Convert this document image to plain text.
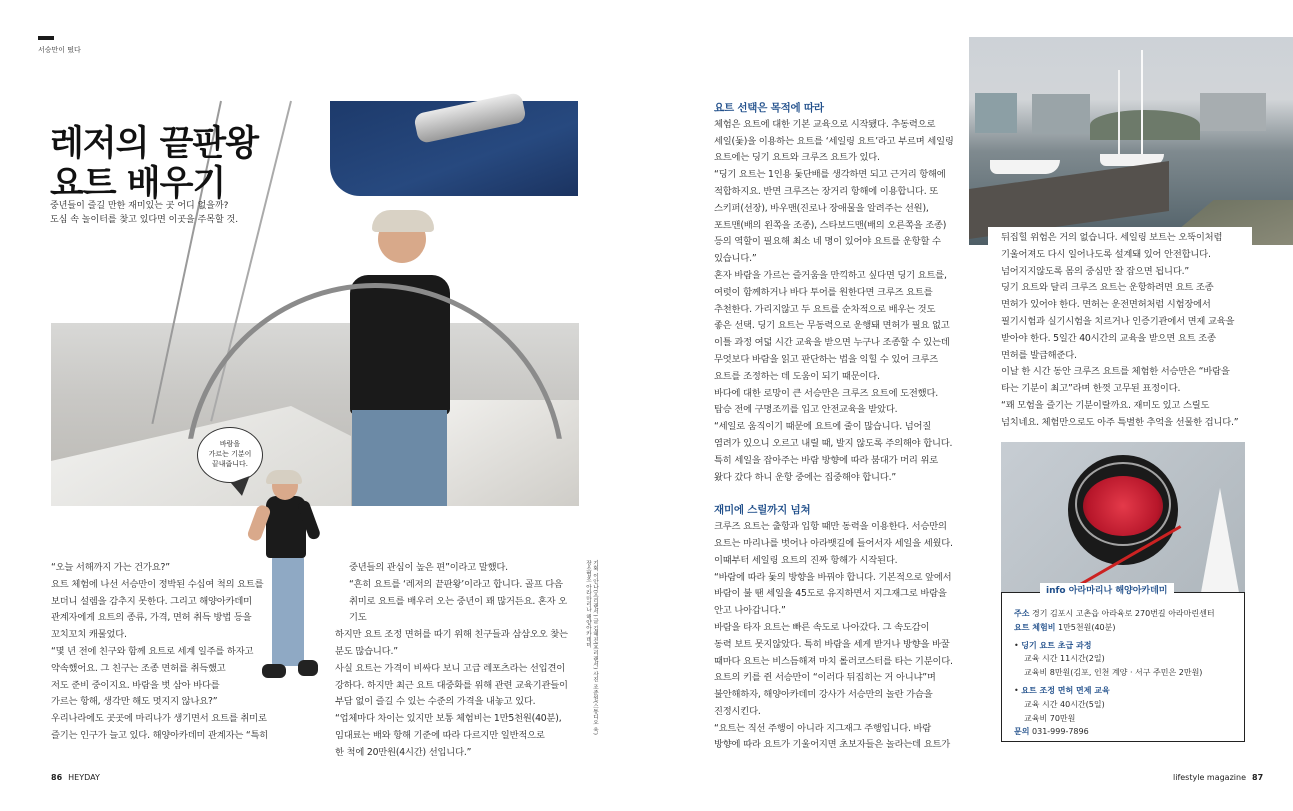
서승만이 떴다
레저의 끝판왕
요트 배우기
중년들이 즐길 만한 재미있는 곳 어디 없을까?
도심 속 놀이터를 찾고 있다면 이곳을 주목할 것.
바람을
가르는 기분이
끝내줍니다.
“오늘 서해까지 가는 건가요?”
요트 체험에 나선 서승만이 정박된 수십여 척의 요트를
보더니 설렘을 감추지 못한다. 그리고 해양아카데미
관계자에게 요트의 종류, 가격, 면허 취득 방법 등을
꼬치꼬치 캐물었다.
“몇 년 전에 친구와 함께 요트로 세계 일주를 하자고
약속했어요. 그 친구는 조종 면허를 취득했고
저도 준비 중이지요. 바람을 벗 삼아 바다를
가르는 항해, 생각만 해도 멋지지 않나요?”
우리나라에도 곳곳에 마리나가 생기면서 요트를 취미로
즐기는 인구가 늘고 있다. 해양아카데미 관계자는 “특히
중년들의 관심이 높은 편”이라고 말했다.
“흔히 요트를 ‘레저의 끝판왕’이라고 합니다. 골프 다음
취미로 요트를 배우러 오는 중년이 꽤 많거든요. 혼자 오기도
하지만 요트 조정 면허를 따기 위해 친구들과 삼삼오오 찾는
분도 많습니다.”
사실 요트는 가격이 비싸다 보니 고급 레포츠라는 선입견이
강하다. 하지만 최근 요트 대중화를 위해 관련 교육기관들이
부담 없이 즐길 수 있는 수준의 가격을 내놓고 있다.
“업체마다 차이는 있지만 보통 체험비는 1만5천원(40분),
임대료는 배와 항해 기준에 따라 다르지만 일반적으로
한 척에 20만원(4시간) 선입니다.”
기획 이안나(프리랜서) 글 김혜진(프리랜서) 사진 조준원(스튜디오 욱) 장소협조 아라마리나 해양아카데미
86 HEYDAY
요트 선택은 목적에 따라
체험은 요트에 대한 기본 교육으로 시작됐다. 추동력으로
세일(돛)을 이용하는 요트를 ‘세일링 요트’라고 부르며 세일링
요트에는 딩기 요트와 크루즈 요트가 있다.
“딩기 요트는 1인용 돛단배를 생각하면 되고 근거리 항해에
적합하지요. 반면 크루즈는 장거리 항해에 이용합니다. 또
스키퍼(선장), 바우맨(진로나 장애물을 알려주는 선원),
포트맨(배의 왼쪽을 조종), 스타보드맨(배의 오른쪽을 조종)
등의 역할이 필요해 최소 네 명이 있어야 요트를 운항할 수
있습니다.”
혼자 바람을 가르는 즐거움을 만끽하고 싶다면 딩기 요트를,
여럿이 함께하거나 바다 투어를 원한다면 크루즈 요트를
추천한다. 가리지않고 두 요트를 순차적으로 배우는 것도
좋은 선택. 딩기 요트는 무동력으로 운행돼 면허가 필요 없고
이틀 과정 여덟 시간 교육을 받으면 누구나 조종할 수 있는데
무엇보다 바람을 읽고 판단하는 법을 익힐 수 있어 크루즈
요트를 조정하는 데 도움이 되기 때문이다.
바다에 대한 로망이 큰 서승만은 크루즈 요트에 도전했다.
탑승 전에 구명조끼를 입고 안전교육을 받았다.
“세일로 움직이기 때문에 요트에 줄이 많습니다. 넘어질
염려가 있으니 오르고 내릴 때, 발지 않도록 주의해야 합니다.
특히 세일을 잡아주는 바람 방향에 따라 붐대가 머리 위로
왔다 갔다 하니 운항 중에는 집중해야 합니다.”
재미에 스릴까지 넘쳐
크루즈 요트는 출항과 입항 때만 동력을 이용한다. 서승만의
요트는 마리나를 벗어나 아라뱃길에 들어서자 세일을 세웠다.
이때부터 세일링 요트의 진짜 항해가 시작된다.
“바람에 따라 돛의 방향을 바꿔야 합니다. 기본적으로 앞에서
바람이 불 땐 세일을 45도로 유지하면서 지그재그로 바람을
안고 나아갑니다.”
바람을 타자 요트는 빠른 속도로 나아갔다. 그 속도감이
동력 보트 못지않았다. 특히 바람을 세게 받거나 방향을 바꿀
때마다 요트는 비스듬해져 마치 롤러코스터를 타는 기분이다.
요트의 키를 쥔 서승만이 “이러다 뒤집히는 거 아니냐”며
불안해하자, 해양아카데미 강사가 서승만의 놀란 가슴을
진정시킨다.
“요트는 직선 주행이 아니라 지그재그 주행입니다. 바람
방향에 따라 요트가 기울어지면 초보자들은 놀라는데 요트가
뒤집힐 위험은 거의 없습니다. 세일링 보트는 오뚝이처럼
기울어져도 다시 일어나도록 설계돼 있어 안전합니다.
넘어지지않도록 몸의 중심만 잘 잡으면 됩니다.”
딩기 요트와 달리 크루즈 요트는 운항하려면 요트 조종
면허가 있어야 한다. 면허는 운전면허처럼 시험장에서
필기시험과 실기시험을 치르거나 인증기관에서 면제 교육을
받아야 한다. 5일간 40시간의 교육을 받으면 요트 조종
면허를 발급해준다.
이날 한 시간 동안 크루즈 요트를 체험한 서승만은 “바람을
타는 기분이 최고”라며 한껏 고무된 표정이다.
“꽤 모험을 즐기는 기분이랄까요. 재미도 있고 스릴도
넘치네요. 체험만으로도 아주 특별한 추억을 선물한 겁니다.”
주소 경기 김포시 고촌읍 아라육로 270번길 아라마린센터
요트 체험비 1만5천원(40분)
• 딩기 요트 초급 과정
교육 시간 11시간(2일)
교육비 8만원(김포, 인천 계양 · 서구 주민은 2만원)
• 요트 조정 면허 면제 교육
교육 시간 40시간(5일)
교육비 70만원
문의 031-999-7896
info 아라마리나 해양아카데미
lifestyle magazine 87
